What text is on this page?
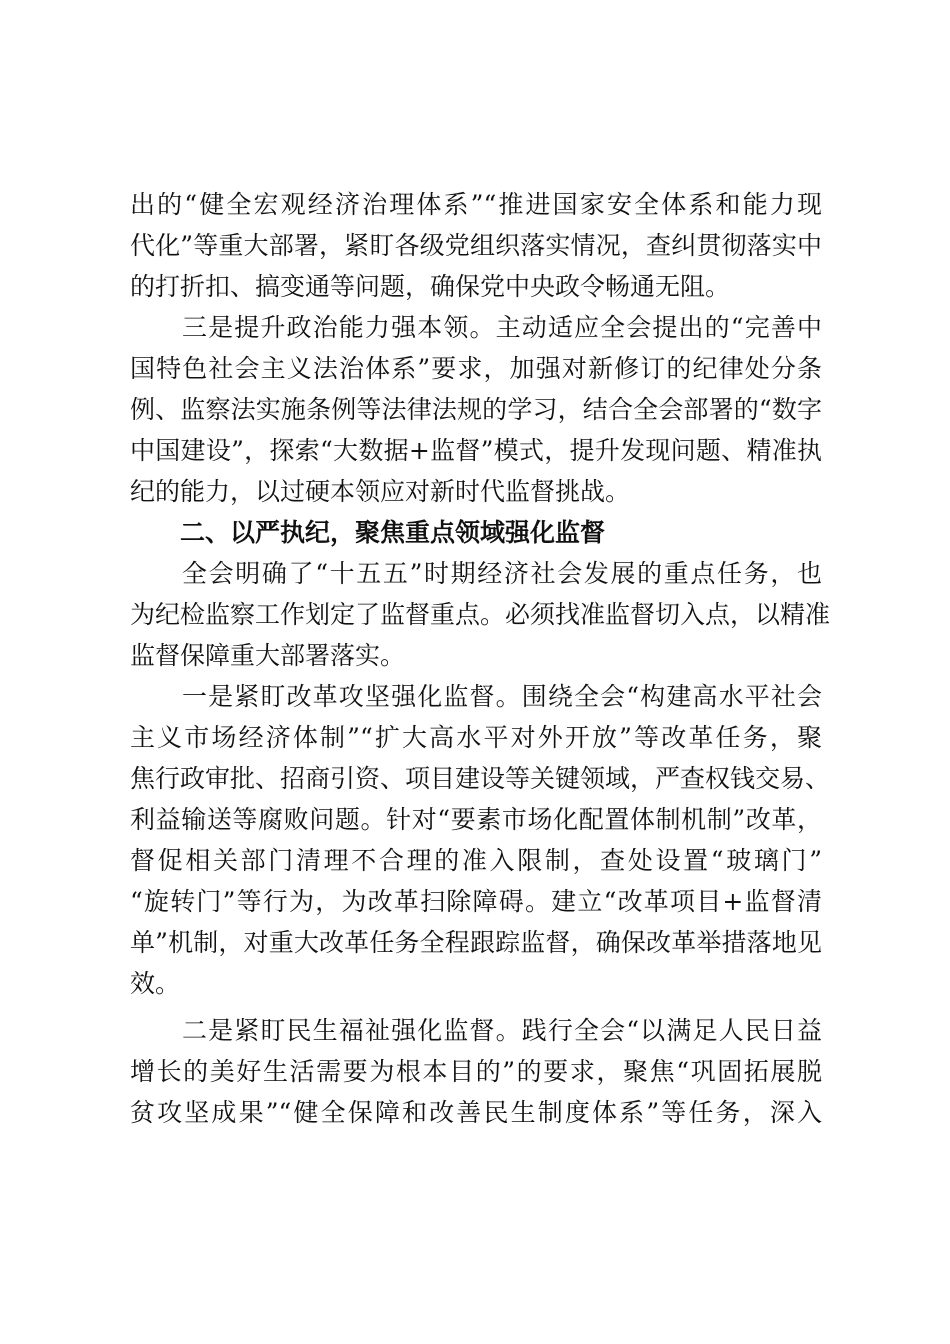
出的“健全宏观经济治理体系”“推进国家安全体系和能力现
代化”等重大部署，紧盯各级党组织落实情况，查纠贯彻落实中
的打折扣、搞变通等问题，确保党中央政令畅通无阻。
三是提升政治能力强本领。主动适应全会提出的“完善中
国特色社会主义法治体系”要求，加强对新修订的纪律处分条
例、监察法实施条例等法律法规的学习，结合全会部署的“数字
中国建设”，探索“大数据+监督”模式，提升发现问题、精准执
纪的能力，以过硬本领应对新时代监督挑战。
二、以严执纪，聚焦重点领域强化监督
全会明确了“十五五”时期经济社会发展的重点任务，也
为纪检监察工作划定了监督重点。必须找准监督切入点，以精准
监督保障重大部署落实。
一是紧盯改革攻坚强化监督。围绕全会“构建高水平社会
主义市场经济体制”“扩大高水平对外开放”等改革任务，聚
焦行政审批、招商引资、项目建设等关键领域，严查权钱交易、
利益输送等腐败问题。针对“要素市场化配置体制机制”改革，
督促相关部门清理不合理的准入限制，查处设置“玻璃门”
“旋转门”等行为，为改革扫除障碍。建立“改革项目+监督清
单”机制，对重大改革任务全程跟踪监督，确保改革举措落地见
效。
二是紧盯民生福祉强化监督。践行全会“以满足人民日益
增长的美好生活需要为根本目的”的要求，聚焦“巩固拓展脱
贫攻坚成果”“健全保障和改善民生制度体系”等任务，深入
